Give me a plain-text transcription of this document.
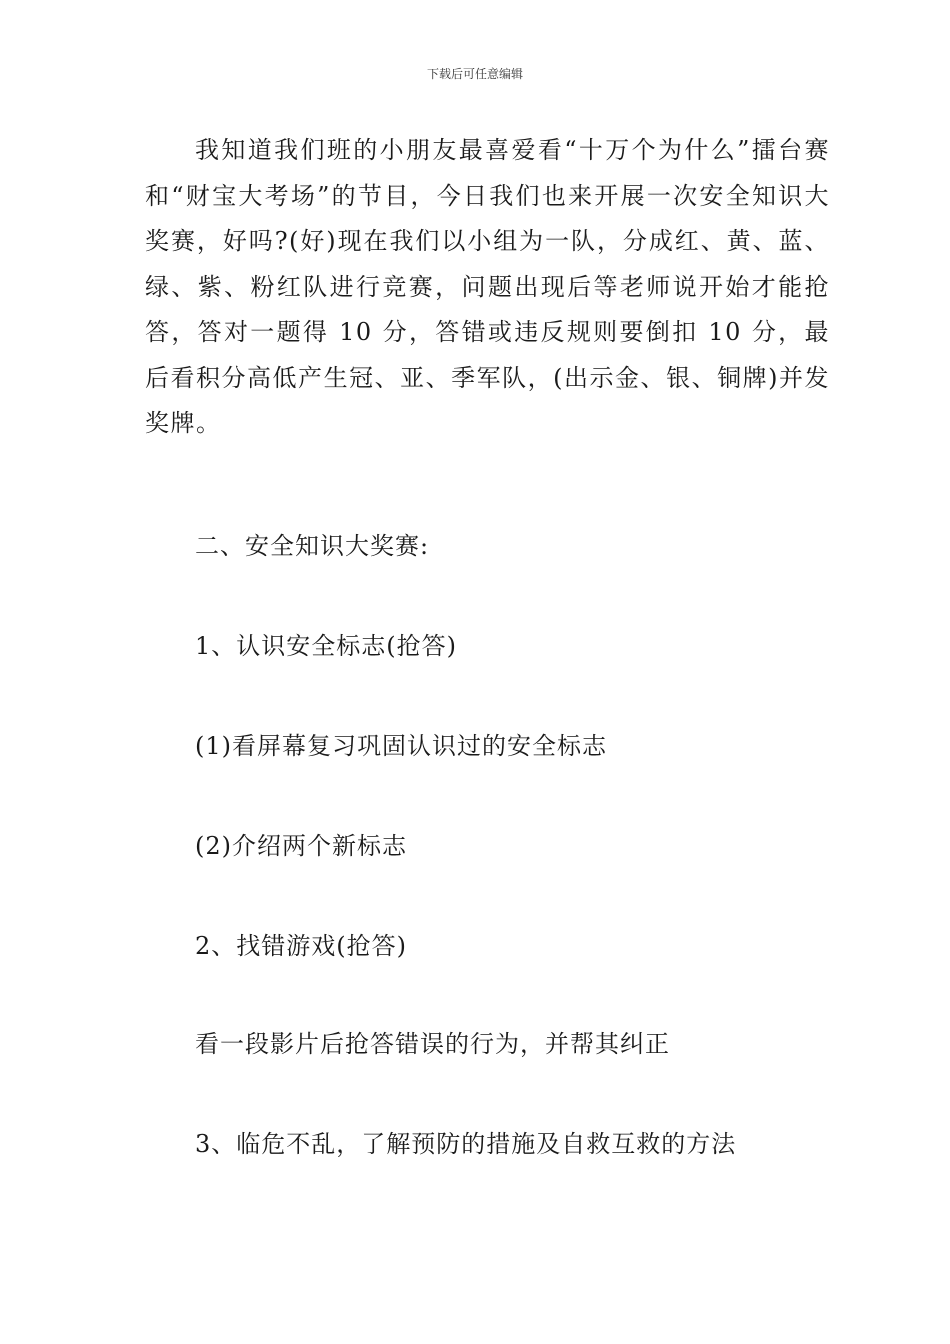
下载后可任意编辑

我知道我们班的小朋友最喜爱看“十万个为什么”擂台赛和“财宝大考场”的节目，今日我们也来开展一次安全知识大奖赛，好吗?(好)现在我们以小组为一队，分成红、黄、蓝、绿、紫、粉红队进行竞赛，问题出现后等老师说开始才能抢答，答对一题得 10 分，答错或违反规则要倒扣 10 分，最后看积分高低产生冠、亚、季军队，(出示金、银、铜牌)并发奖牌。

二、安全知识大奖赛:

1、认识安全标志(抢答)

(1)看屏幕复习巩固认识过的安全标志

(2)介绍两个新标志

2、找错游戏(抢答)

看一段影片后抢答错误的行为，并帮其纠正

3、临危不乱，了解预防的措施及自救互救的方法
